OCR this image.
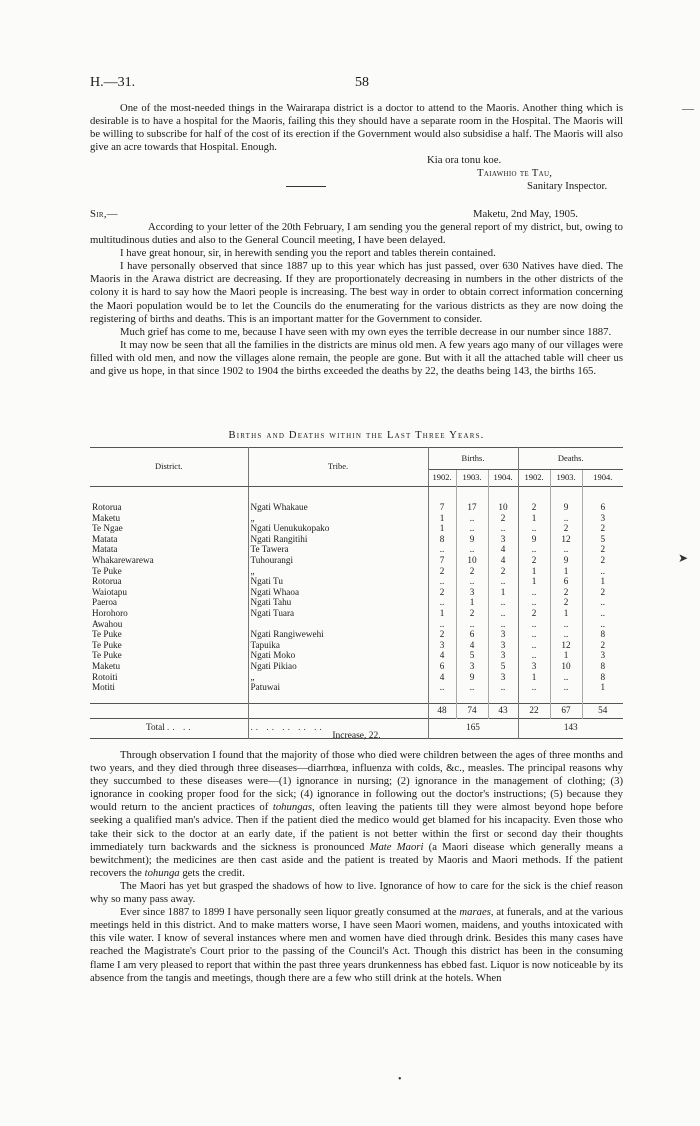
H.—31.	58

One of the most-needed things in the Wairarapa district is a doctor to attend to the Maoris. Another thing which is desirable is to have a hospital for the Maoris, failing this they should have a separate room in the Hospital. The Maoris will be willing to subscribe for half of the cost of its erection if the Government would also subsidise a half. The Maoris will also give an acre towards that Hospital. Enough.

Kia ora tonu koe.
Taiawhio te Tau,
Sanitary Inspector.
Sir,—	Maketu, 2nd May, 1905.

According to your letter of the 20th February, I am sending you the general report of my district, but, owing to multitudinous duties and also to the General Council meeting, I have been delayed.

I have great honour, sir, in herewith sending you the report and tables therein contained.

I have personally observed that since 1887 up to this year which has just passed, over 630 Natives have died. The Maoris in the Arawa district are decreasing. If they are proportionately decreasing in numbers in the other districts of the colony it is hard to say how the Maori people is increasing. The best way in order to obtain correct information concerning the Maori population would be to let the Councils do the enumerating for the various districts as they are now doing the registering of births and deaths. This is an important matter for the Government to consider.

Much grief has come to me, because I have seen with my own eyes the terrible decrease in our number since 1887.

It may now be seen that all the families in the districts are minus old men. A few years ago many of our villages were filled with old men, and now the villages alone remain, the people are gone. But with it all the attached table will cheer us and give us hope, in that since 1902 to 1904 the births exceeded the deaths by 22, the deaths being 143, the births 165.

Births and Deaths within the Last Three Years.
District.	Tribe.	Births.			Deaths.		
		1902.	1903.	1904.	1902.	1903.	1904.

Rotorua	Ngati Whakaue	7	17	10	2	9	6
Maketu	„	1	..	2	1	..	3
Te Ngae	Ngati Uenukukopako	1	..	..	..	2	2
Matata	Ngati Rangitihi	8	9	3	9	12	5
Matata	Te Tawera	..	..	4	..	..	2
Whakarewarewa	Tuhourangi	7	10	4	2	9	2
Te Puke	„	2	2	2	1	1	..
Rotorua	Ngati Tu	..	..	..	1	6	1
Waiotapu	Ngati Whaoa	2	3	1	..	2	2
Paeroa	Ngati Tahu	..	1	..	..	2	..
Horohoro	Ngati Tuara	1	2	..	2	1	..
Awahou		..	..	..	..	..	..
Te Puke	Ngati Rangiwewehi	2	6	3	..	..	8
Te Puke	Tapuika	3	4	3	..	12	2
Te Puke	Ngati Moko	4	5	3	..	1	3
Maketu	Ngati Pikiao	6	3	5	3	10	8
Rotoiti	„	4	9	3	1	..	8
Motiti	Patuwai	..	..	..	..	..	1

		48	74	43	22	67	54
Total .. ..	.. .. .. .. ..	165			143		
Increase, 22.

Through observation I found that the majority of those who died were children between the ages of three months and two years, and they died through three diseases—diarrhœa, influenza with colds, &c., measles. The principal reasons why they succumbed to these diseases were—(1) ignorance in nursing; (2) ignorance in the management of clothing; (3) ignorance in cooking proper food for the sick; (4) ignorance in following out the doctor's instructions; (5) because they would return to the ancient practices of tohungas, often leaving the patients till they were almost beyond hope before seeking a qualified man's advice. Then if the patient died the medico would get blamed for his incapacity. Even those who take their sick to the doctor at an early date, if the patient is not better within the first or second day their thoughts immediately turn backwards and the sickness is pronounced Mate Maori (a Maori disease which generally means a bewitchment); the medicines are then cast aside and the patient is treated by Maoris and Maori methods. If the patient recovers the tohunga gets the credit.

The Maori has yet but grasped the shadows of how to live. Ignorance of how to care for the sick is the chief reason why so many pass away.

Ever since 1887 to 1899 I have personally seen liquor greatly consumed at the maraes, at funerals, and at the various meetings held in this district. And to make matters worse, I have seen Maori women, maidens, and youths intoxicated with this vile water. I know of several instances where men and women have died through drink. Besides this many cases have reached the Magistrate's Court prior to the passing of the Council's Act. Though this district has been in the consuming flame I am very pleased to report that within the past three years drunkenness has ebbed fast. Liquor is now noticeable by its absence from the tangis and meetings, though there are a few who still drink at the hotels. When

—
➤
•
